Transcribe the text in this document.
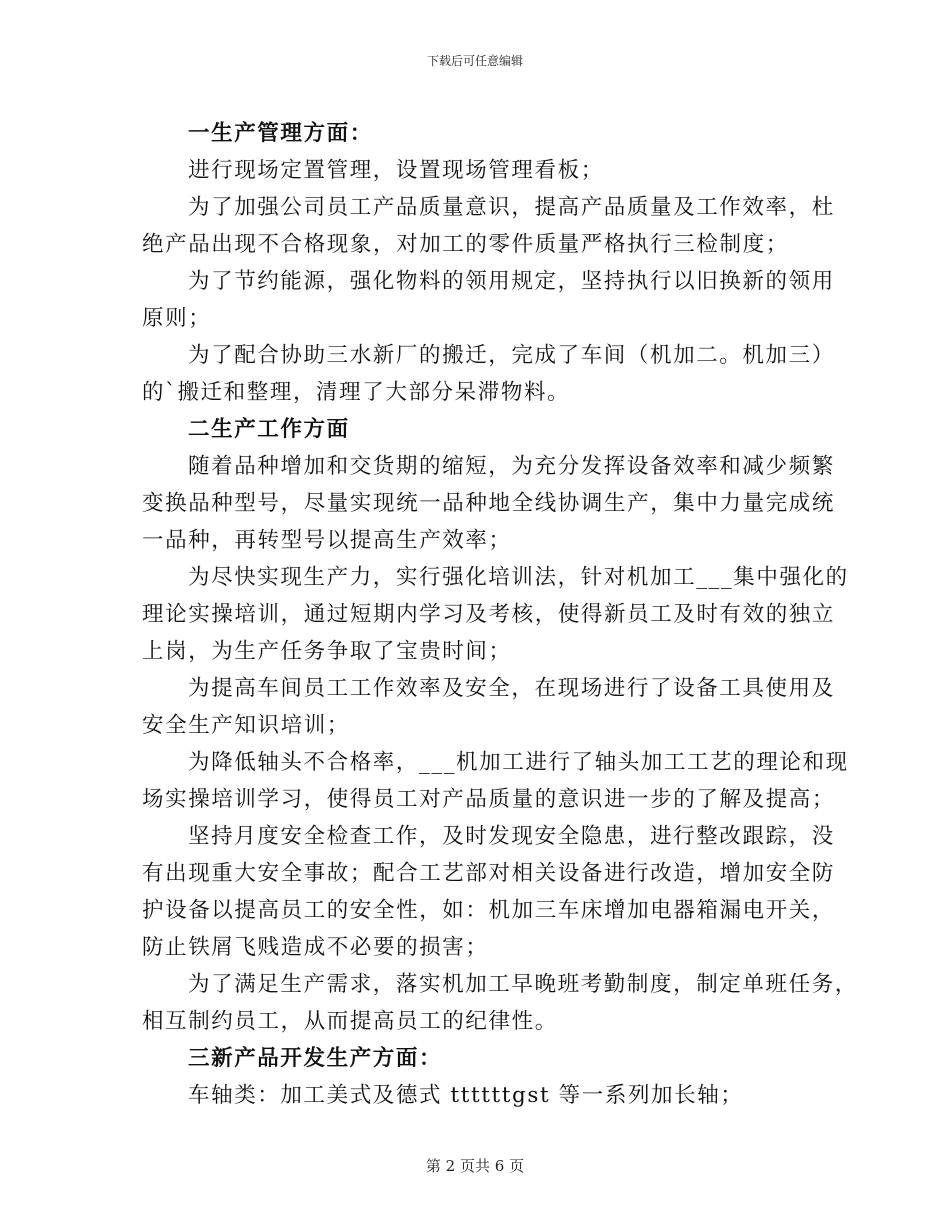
下载后可任意编辑
一生产管理方面：
进行现场定置管理，设置现场管理看板；
为了加强公司员工产品质量意识，提高产品质量及工作效率，杜
绝产品出现不合格现象，对加工的零件质量严格执行三检制度；
为了节约能源，强化物料的领用规定，坚持执行以旧换新的领用
原则；
为了配合协助三水新厂的搬迁，完成了车间（机加二。机加三）
的`搬迁和整理，清理了大部分呆滞物料。
二生产工作方面
随着品种增加和交货期的缩短，为充分发挥设备效率和减少频繁
变换品种型号，尽量实现统一品种地全线协调生产，集中力量完成统
一品种，再转型号以提高生产效率；
为尽快实现生产力，实行强化培训法，针对机加工___集中强化的
理论实操培训，通过短期内学习及考核，使得新员工及时有效的独立
上岗，为生产任务争取了宝贵时间；
为提高车间员工工作效率及安全，在现场进行了设备工具使用及
安全生产知识培训；
为降低轴头不合格率，___机加工进行了轴头加工工艺的理论和现
场实操培训学习，使得员工对产品质量的意识进一步的了解及提高；
坚持月度安全检查工作，及时发现安全隐患，进行整改跟踪，没
有出现重大安全事故；配合工艺部对相关设备进行改造，增加安全防
护设备以提高员工的安全性，如：机加三车床增加电器箱漏电开关，
防止铁屑飞贱造成不必要的损害；
为了满足生产需求，落实机加工早晚班考勤制度，制定单班任务，
相互制约员工，从而提高员工的纪律性。
三新产品开发生产方面：
车轴类：加工美式及德式 ttttttgst 等一系列加长轴；
第 2 页共 6 页
